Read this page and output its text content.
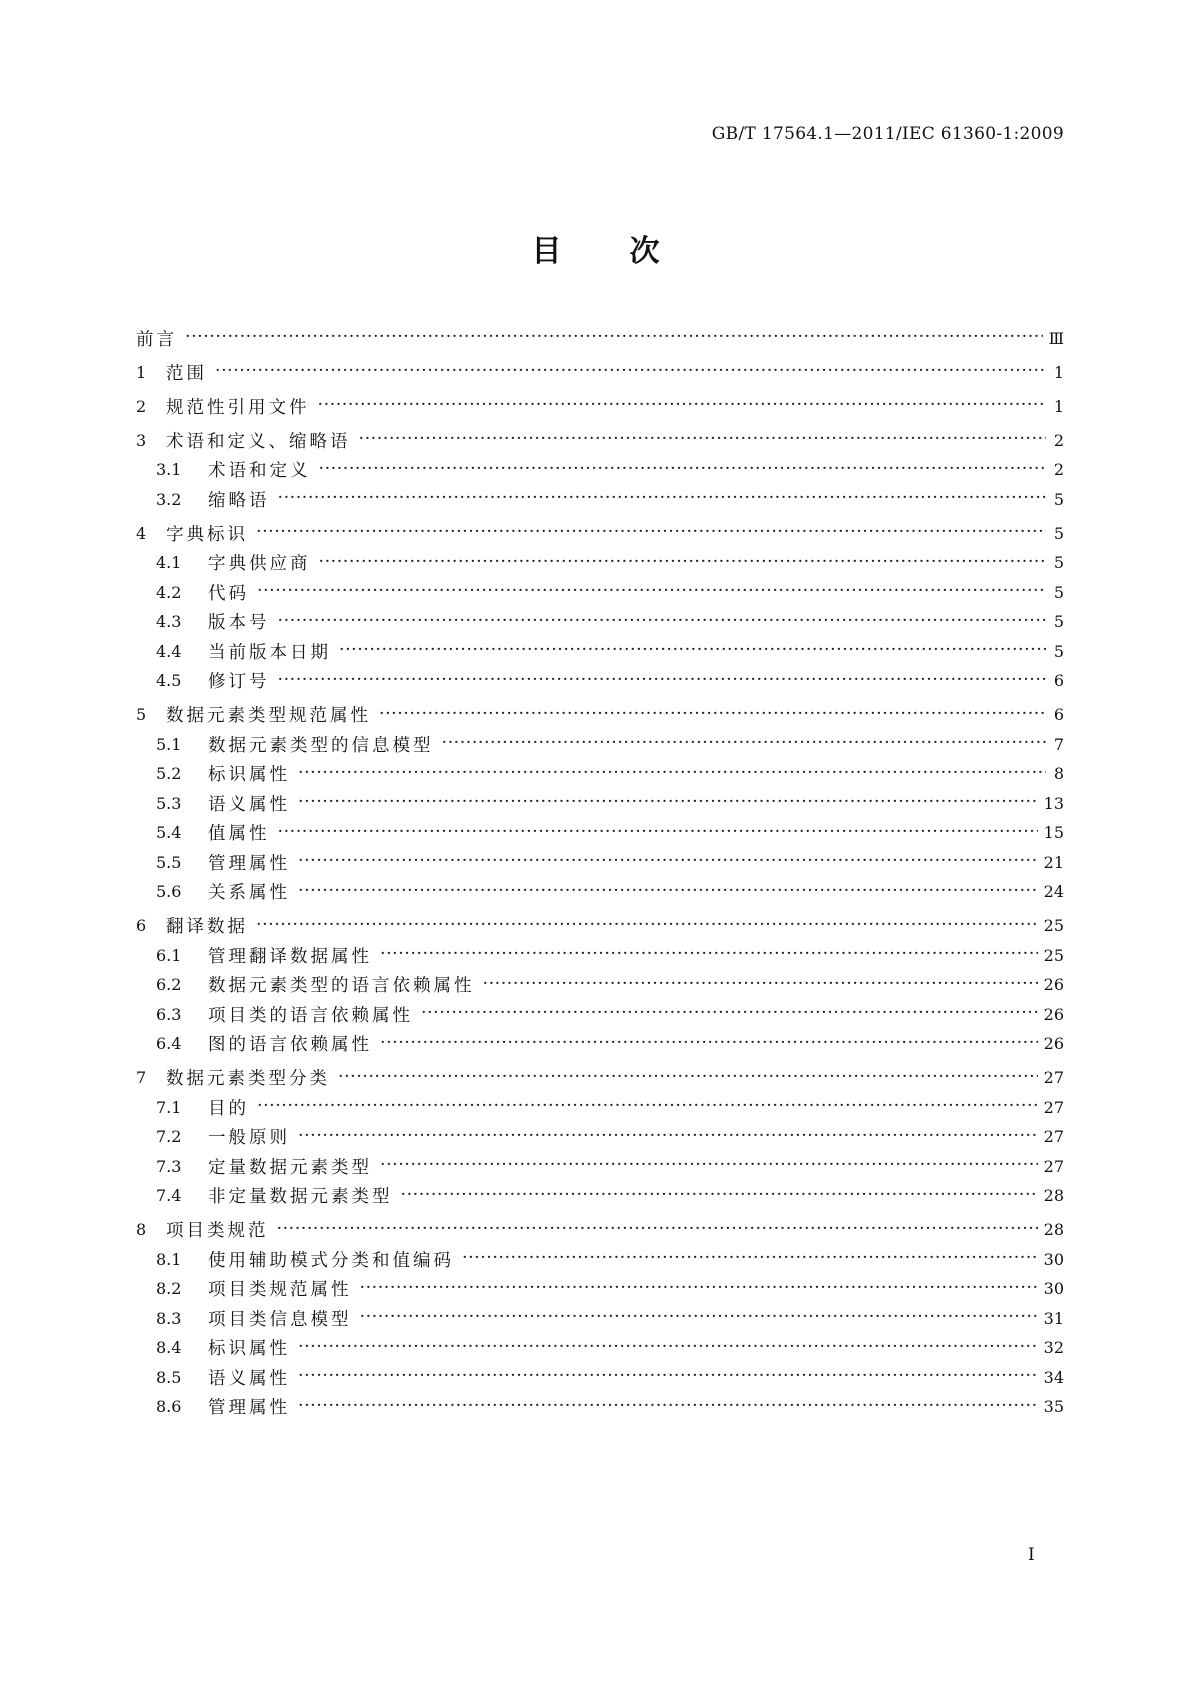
GB/T 17564.1—2011/IEC 61360-1:2009
目 次
前言 ·····	Ⅲ
1	范围 ·····	1
2	规范性引用文件 ·····	1
3	术语和定义、缩略语 ·····	2
3.1	术语和定义 ·····	2
3.2	缩略语 ·····	5
4	字典标识 ·····	5
4.1	字典供应商 ·····	5
4.2	代码 ·····	5
4.3	版本号 ·····	5
4.4	当前版本日期 ·····	5
4.5	修订号 ·····	6
5	数据元素类型规范属性 ·····	6
5.1	数据元素类型的信息模型 ·····	7
5.2	标识属性 ·····	8
5.3	语义属性 ·····	13
5.4	值属性 ·····	15
5.5	管理属性 ·····	21
5.6	关系属性 ·····	24
6	翻译数据 ·····	25
6.1	管理翻译数据属性 ·····	25
6.2	数据元素类型的语言依赖属性 ·····	26
6.3	项目类的语言依赖属性 ·····	26
6.4	图的语言依赖属性 ·····	26
7	数据元素类型分类 ·····	27
7.1	目的 ·····	27
7.2	一般原则 ·····	27
7.3	定量数据元素类型 ·····	27
7.4	非定量数据元素类型 ·····	28
8	项目类规范 ·····	28
8.1	使用辅助模式分类和值编码 ·····	30
8.2	项目类规范属性 ·····	30
8.3	项目类信息模型 ·····	31
8.4	标识属性 ·····	32
8.5	语义属性 ·····	34
8.6	管理属性 ·····	35
I
